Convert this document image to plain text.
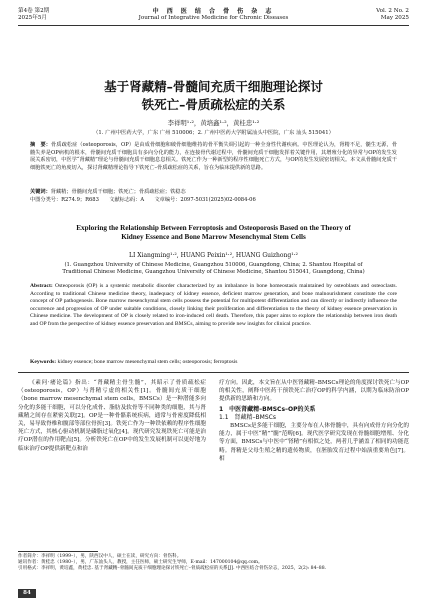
第4卷 第2期
2025年5月
中 西 医 结 合 骨 伤 杂 志
Journal of Integrative Medicine for Chronic Diseases
Vol. 2 No. 2
May 2025
基于肾藏精–骨髓间充质干细胞理论探讨
铁死亡–骨质疏松症的关系
李祥明¹·²，黄培鑫¹·²，黄桂忠¹·²
（1. 广州中医药大学，广东 广州 510006；2. 广州中医药大学附属汕头中医院，广东 汕头 515041）
摘　要：骨质疏松症（osteoporosis，OP）是由成骨细胞和破骨细胞维持的骨平衡失调引起的一种全身性代谢疾病。中医理论认为，肾精不足，髓生无源，骨髓失养是OP病机的根本，骨髓间充质干细胞具有多向分化的能力，在连接骨代谢过程中，骨髓间充质干细胞发挥着关键作用，其增殖分化的异常与OP的发生发展关系密切，中医学“肾藏精”理论与骨髓间充质干细胞息息相关。铁死亡作为一种新型的程序性细胞死亡方式，与OP的发生发展密切相关。本文从骨髓间充质干细胞铁死亡的角度切入，探讨肾藏精理论指导下铁死亡–骨质疏松症的关系，旨在为临床提供新的思路。
关键词：肾藏精；骨髓间充质干细胞；铁死亡；骨质疏松症；铁稳态
中图分类号：R274.9；R683　　文献标志码：A　　文章编号：2097-5031(2025)02-0084-06
Exploring the Relationship Between Ferroptosis and Osteoporosis Based on the Theory of
Kidney Essence and Bone Marrow Mesenchymal Stem Cells
LI Xiangming¹·², HUANG Peixin¹·², HUANG Guizhong¹·²
(1. Guangzhou University of Chinese Medicine, Guangzhou 510006, Guangdong, China; 2. Shantou Hospital of
Traditional Chinese Medicine, Guangzhou University of Chinese Medicine, Shantou 515041, Guangdong, China)
Abstract: Osteoporosis (OP) is a systemic metabolic disorder characterized by an imbalance in bone homeostasis maintained by osteoblasts and osteoclasts. According to traditional Chinese medicine theory, inadequacy of kidney essence, deficient marrow generation, and bone malnourishment constitute the core concept of OP pathogenesis. Bone marrow mesenchymal stem cells possess the potential for multipotent differentiation and can directly or indirectly influence the occurrence and progression of OP under suitable conditions, closely linking their proliferation and differentiation to the theory of kidney essence preservation in Chinese medicine. The development of OP is closely related to iron-induced cell death. Therefore, this paper aims to explore the relationship between iron death and OP from the perspective of kidney essence preservation and BMSCs, aiming to provide new insights for clinical practice.
Keywords: kidney essence; bone marrow mesenchymal stem cells; osteoporosis; ferroptosis
《素问·痿论篇》指出：“肾藏精主骨生髓”，其昭示了骨质疏松症（osteoporosis，OP）与肾精亏虚的相关性[1]。骨髓间充质干细胞（bone marrow mesenchymal stem cells，BMSCs）是一种潜能多向分化的多能干细胞，可以分化成骨、脂肪及软骨等不同种类的细胞，其与肾藏精之间存在紧密关联[2]。OP是一种骨骼系统疾病，通常与骨密度降低相关，易导致脊椎和髋部等部位骨折[3]。铁死亡作为一种铁依赖的程序性细胞死亡方式，其核心驱动机制是磷脂过氧化[4]。现代研究发现铁死亡可能是治疗OP潜在的作用靶点[5]。分析铁死亡在OP中的发生发展机制可以更好地为临床治疗OP提供新靶点和治
疗方向。因此，本文旨在从中医肾藏精–BMSCs理论的角度探讨铁死亡与OP的相关性，阐释中医药干预铁死亡治疗OP的科学内涵，以期为临床防治OP提供新的思路和方向。
1　中医肾藏精–BMSCs–OP的关系
1.1　肾藏精–BMSCs
BMSCs是多能干细胞，主要分布在人体骨髓中，具有向成骨方向分化的能力，属于中医“精”“髓”范畴[6]。现代医学研究发现在骨髓细胞增殖、分化等方面，BMSCs与中医中“肾精”有相似之处，两者几乎涵盖了相同的功能范畴。肾精是父母生殖之精的遗传物质，在胚胎发育过程中始演重要角色[7]。相
作者简介：李祥明（1999–），男，陕西汉中人，硕士在读，研究方向：骨伤科。
通讯作者：黄桂忠（1980–），男，广东汕头人，教授，主任医师，硕士研究生导师，E-mail：147000104@qq.com。
引用格式：李祥明，黄培鑫，黄桂忠. 基于肾藏精–骨髓间充质干细胞理论探讨铁死亡–骨质疏松症的关系[J]. 中西医结合骨伤杂志，2025，2(2): 84–88.
84
